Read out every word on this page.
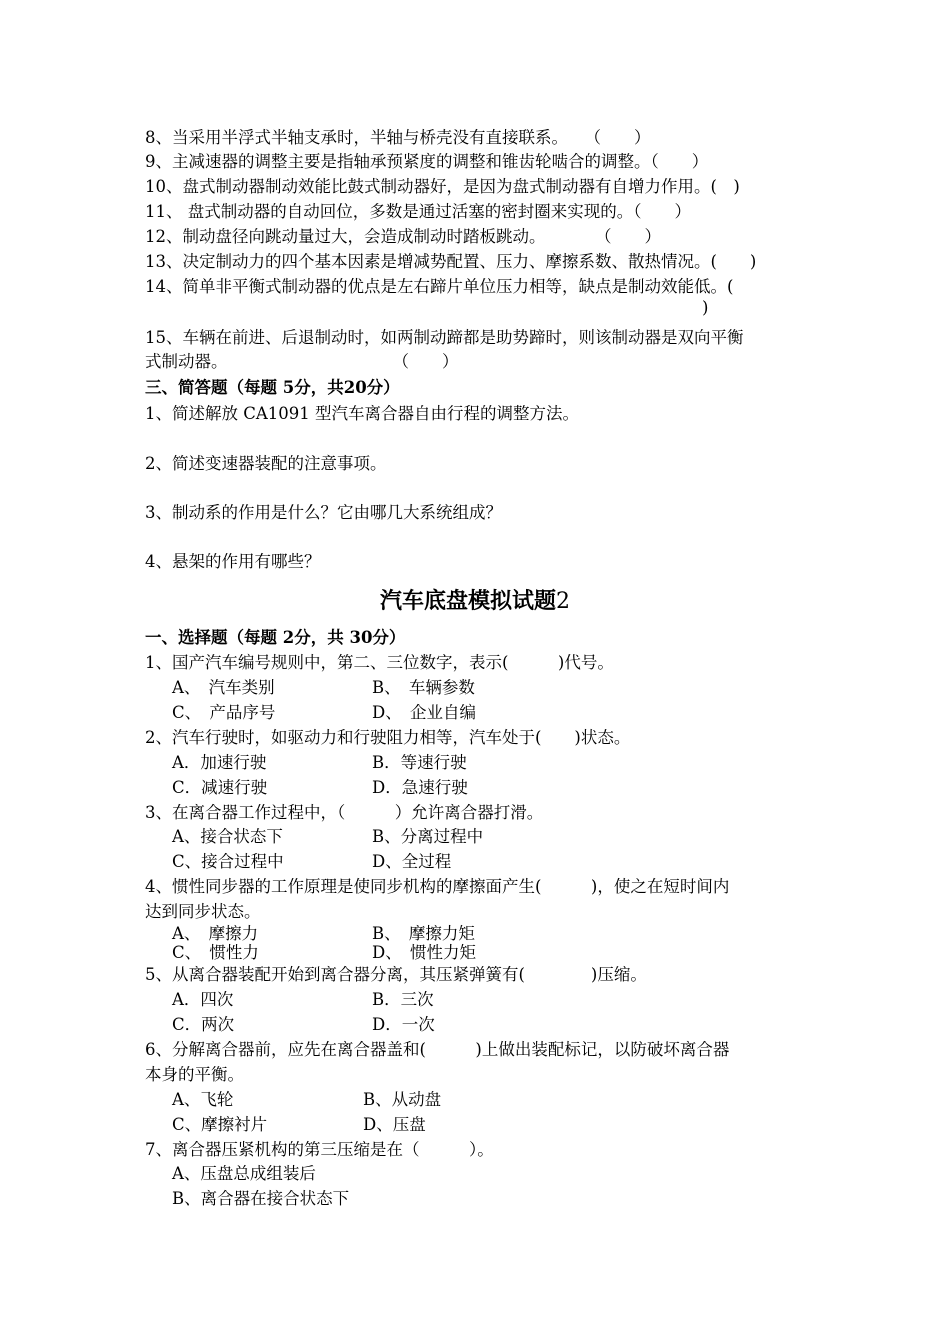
8、当采用半浮式半轴支承时，半轴与桥壳没有直接联系。　　（　　）
9、主减速器的调整主要是指轴承预紧度的调整和锥齿轮啮合的调整。（　　）
10、盘式制动器制动效能比鼓式制动器好，是因为盘式制动器有自增力作用。(　)
11、 盘式制动器的自动回位，多数是通过活塞的密封圈来实现的。（　　）
12、制动盘径向跳动量过大，会造成制动时踏板跳动。　　　　（　　）
13、决定制动力的四个基本因素是增减势配置、压力、摩擦系数、散热情况。(　　)
14、简单非平衡式制动器的优点是左右蹄片单位压力相等，缺点是制动效能低。(
)
15、车辆在前进、后退制动时，如两制动蹄都是助势蹄时，则该制动器是双向平衡
式制动器。　　　　　　　　　　　（　　）
三、简答题（每题 5分，共20分）
1、简述解放 CA1091 型汽车离合器自由行程的调整方法。
2、简述变速器装配的注意事项。
3、制动系的作用是什么？它由哪几大系统组成？
4、悬架的作用有哪些？
汽车底盘模拟试题2
一、选择题（每题 2分，共 30分）
1、国产汽车编号规则中，第二、三位数字，表示(　　　)代号。
A、　汽车类别	B、　车辆参数
C、　产品序号	D、　企业自编
2、汽车行驶时，如驱动力和行驶阻力相等，汽车处于(　　)状态。
A．加速行驶	B．等速行驶
C．减速行驶	D．急速行驶
3、在离合器工作过程中，（　　　）允许离合器打滑。
A、接合状态下	B、分离过程中
C、接合过程中	D、全过程
4、惯性同步器的工作原理是使同步机构的摩擦面产生(　　　)，使之在短时间内
达到同步状态。
A、　摩擦力	B、　摩擦力矩
C、　惯性力	D、　惯性力矩
5、从离合器装配开始到离合器分离，其压紧弹簧有(　　　　)压缩。
A．四次	B．三次
C．两次	D．一次
6、分解离合器前，应先在离合器盖和(　　　)上做出装配标记，以防破坏离合器
本身的平衡。
A、飞轮	B、从动盘
C、摩擦衬片	D、压盘
7、离合器压紧机构的第三压缩是在（　　　）。
A、压盘总成组装后
B、离合器在接合状态下
